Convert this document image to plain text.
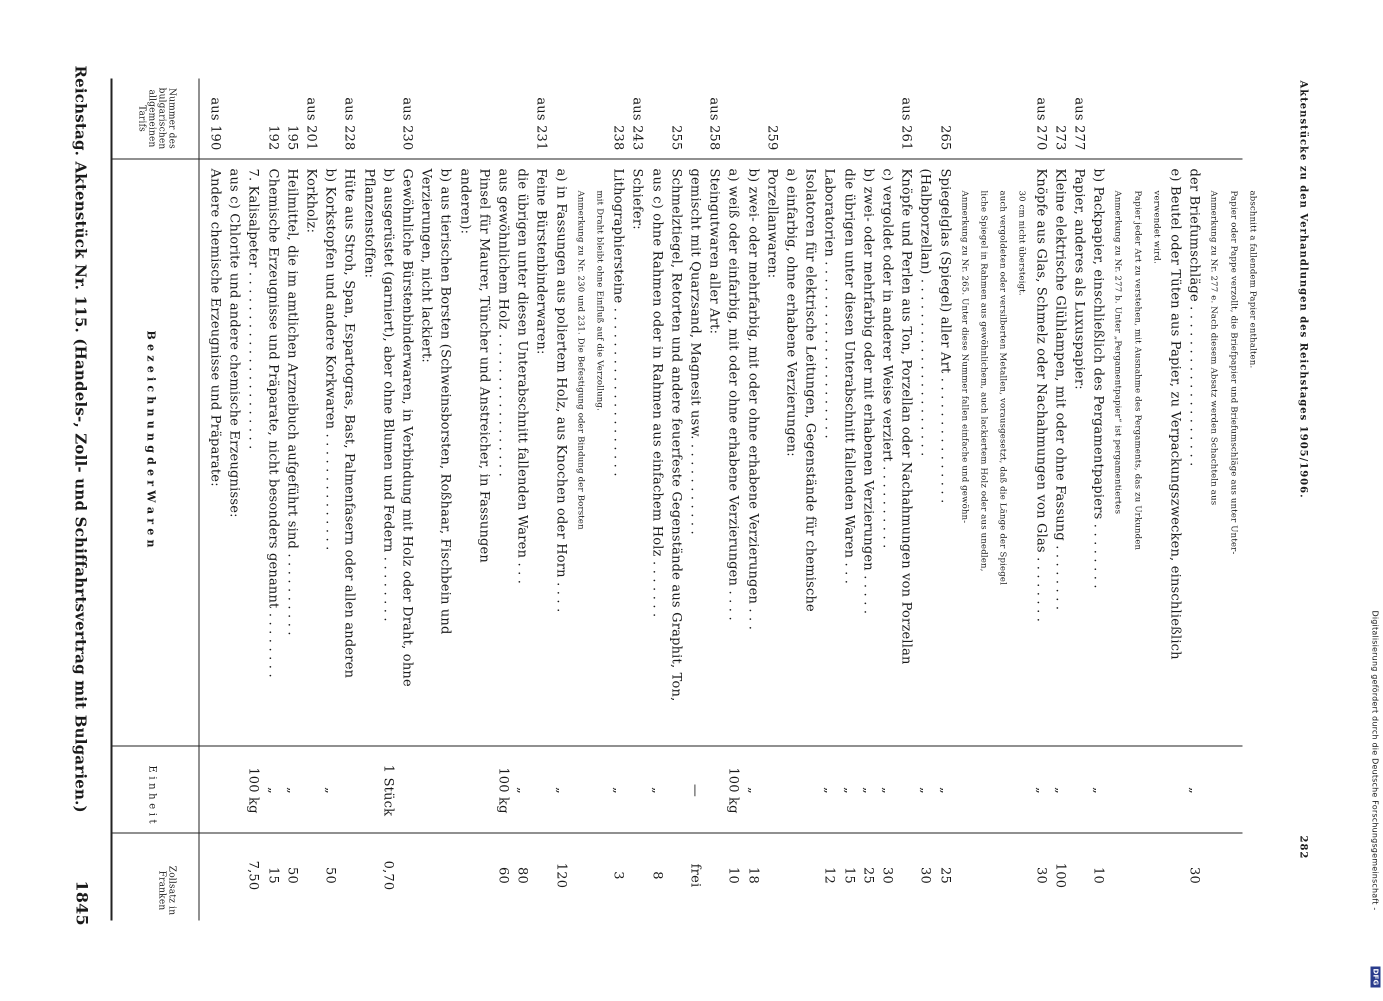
Reichstag. Aktenstück Nr. 115. (Handels-, Zoll- und Schiffahrtsvertrag mit Bulgarien.)
1845
Nummer des bulgarischen allgemeinen Tarifs
B e z e i c h n u n g d e r W a r e n
E i n h e i t
Zollsatz in Franken
aus 190
Andere chemische Erzeugnisse und Präparate: aus c) Chlorite und andere chemische Erzeugnisse: 7. Kalisalpeter . . . . . . . . . . . . . . . . . . . . .
100 kg
7,50
192
Chemische Erzeugnisse und Präparate, nicht besonders genannt . . . . . . . .
„
15
195
Heilmittel, die im amtlichen Arzneibuch aufgeführt sind . . . . . . . . . .
„
50
aus 201
Korkholz: b) Korkstopfen und andere Korkwaren . . . . . . . . . . . . . .
„
50
aus 228
Hüte aus Stroh, Span, Espartogras, Bast, Palmenfasern oder allen anderen Pflanzenstoffen: b) ausgerüstet (garniert), aber ohne Blumen und Federn . . . . . . . .
1 Stück
0,70
aus 230
Gewöhnliche Bürstenbinderwaren, in Verbindung mit Holz oder Draht, ohne Verzierungen, nicht lackiert: b) aus tierischen Borsten (Schweinsborsten, Roßhaar, Fischbein und anderen): Pinsel für Maurer, Tüncher und Anstreicher, in Fassungen aus gewöhnlichem Holz . . . . . . . . . . . . . . . . .
100 kg
60
die übrigen unter diesen Unterabschnitt fallenden Waren . . .
„
80
aus 231
Feine Bürstenbinderwaren: a) in Fassungen aus poliertem Holz, aus Knochen oder Horn . . . .
„
120
Anmerkung zu Nr. 230 und 231. Die Befestigung oder Bindung der Borsten mit Draht bleibt ohne Einfluß auf die Verzollung.
238
Lithographiersteine . . . . . . . . . . . . . . . . . . . .
„
3
aus 243
Schiefer: aus c) ohne Rahmen oder in Rahmen aus einfachem Holz . . . . . . .
„
8
255
Schmelztiegel, Retorten und andere feuerfeste Gegenstände aus Graphit, Ton, gemischt mit Quarzsand, Magnesit usw. . . . . . . . . . . .
—
frei
aus 258
Steingutwaren aller Art: a) weiß oder einfarbig, mit oder ohne erhabene Verzierungen . . . .
100 kg
10
b) zwei- oder mehrfarbig, mit oder ohne erhabene Verzierungen . . .
„
18
259
Porzellanwaren: a) einfarbig, ohne erhabene Verzierungen: Isolatoren für elektrische Leitungen, Gegenstände für chemische Laboratorien . . . . . . . . . . . . . . . . . . . . .
„
12
die übrigen unter diesen Unterabschnitt fallenden Waren . . .
„
15
b) zwei- oder mehrfarbig oder mit erhabenen Verzierungen . . . . .
„
25
c) vergoldet oder in anderer Weise verziert . . . . . . . . . .
„
30
aus 261
Knöpfe und Perlen aus Ton, Porzellan oder Nachahmungen von Porzellan (Halbporzellan) . . . . . . . . . . . . . . . . . . . . .
„
30
265
Spiegelglas (Spiegel) aller Art . . . . . . . . . . . . . . .
„
25
Anmerkung zu Nr. 265. Unter diese Nummer fallen einfache und gewöhn- liche Spiegel in Rahmen aus gewöhnlichem, auch lackiertem Holz oder aus unedlen, auch vergoldeten oder versilberten Metallen, vorausgesetzt, daß die Länge der Spiegel 30 cm nicht übersteigt.
aus 270
Knöpfe aus Glas, Schmelz oder Nachahmungen von Glas . . . . . . . .
„
30
273
Kleine elektrische Glühlampen, mit oder ohne Fassung . . . . . . . .
„
100
aus 277
Papier, anderes als Luxuspapier: b) Packpapier, einschließlich des Pergamentpapiers . . . . . . . .
„
10
Anmerkung zu Nr. 277 b. Unter „Pergamentpapier“ ist pergamentiertes Papier jeder Art zu verstehen, mit Ausnahme des Pergaments, das zu Urkunden verwendet wird. e) Beutel oder Tüten aus Papier, zu Verpackungszwecken, einschließlich der Briefumschläge . . . . . . . . . . . . . . . . . . .
„
30
Anmerkung zu Nr. 277 e. Nach diesem Absatz werden Schachteln aus Papier oder Pappe verzollt, die Briefpapier und Briefumschläge aus unter Unter- abschnitt a fallendem Papier enthalten.	Aktenstücke zu den Verhandlungen des Reichstages 1905/1906.
282	Digitalisierung gefördert durch die Deutsche Forschungsgemeinschaft -
DFG
